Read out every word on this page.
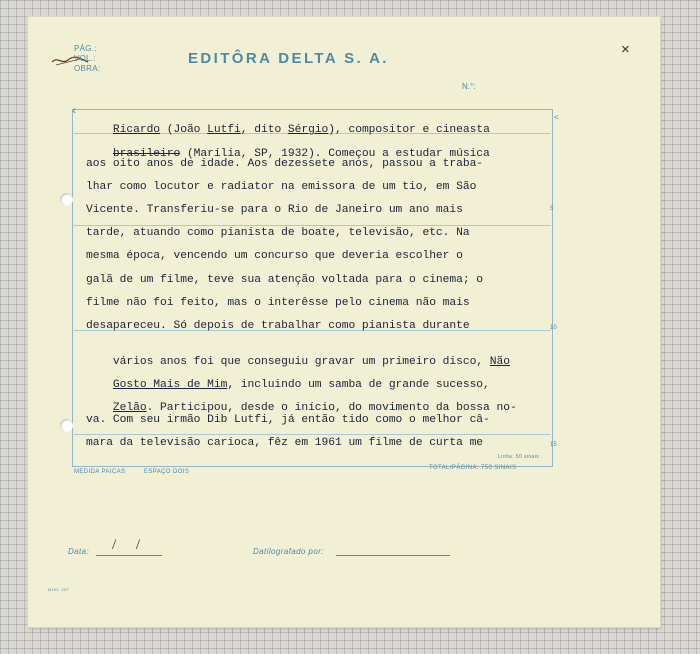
PÁG.:
VOL.:
OBRA:
EDITÔRA DELTA S. A.
N.°:
×
‹
<
5
10
15

Ricardo (João Lutfi, dito Sérgio), compositor e cineasta

brasileiro (Marília, SP, 1932). Começou a estudar música

aos oito anos de idade. Aos dezessete anos, passou a traba-
lhar como locutor e radiator na emissora de um tio, em São
Vicente. Transferiu-se para o Rio de Janeiro um ano mais
tarde, atuando como pianista de boate, televisão, etc. Na
mesma época, vencendo um concurso que deveria escolher o
galã de um filme, teve sua atenção voltada para o cinema; o
filme não foi feito, mas o interêsse pelo cinema não mais
desapareceu. Só depois de trabalhar como pianista durante

vários anos foi que conseguiu gravar um primeiro disco, Não

Gosto Mais de Mim, incluindo um samba de grande sucesso,

Zelão. Participou, desde o início, do movimento da bossa no-

va. Com seu irmão Dib Lutfi, já então tido como o melhor câ-
mara da televisão carioca, fêz em 1961 um filme de curta me
Linha: 50 sinais
MEDIDA PAICAS	ESPAÇO DOIS
TOTAL/PÁGINA: 750 SINAIS
Data: / /	Datilografado por:
MOD. 207
